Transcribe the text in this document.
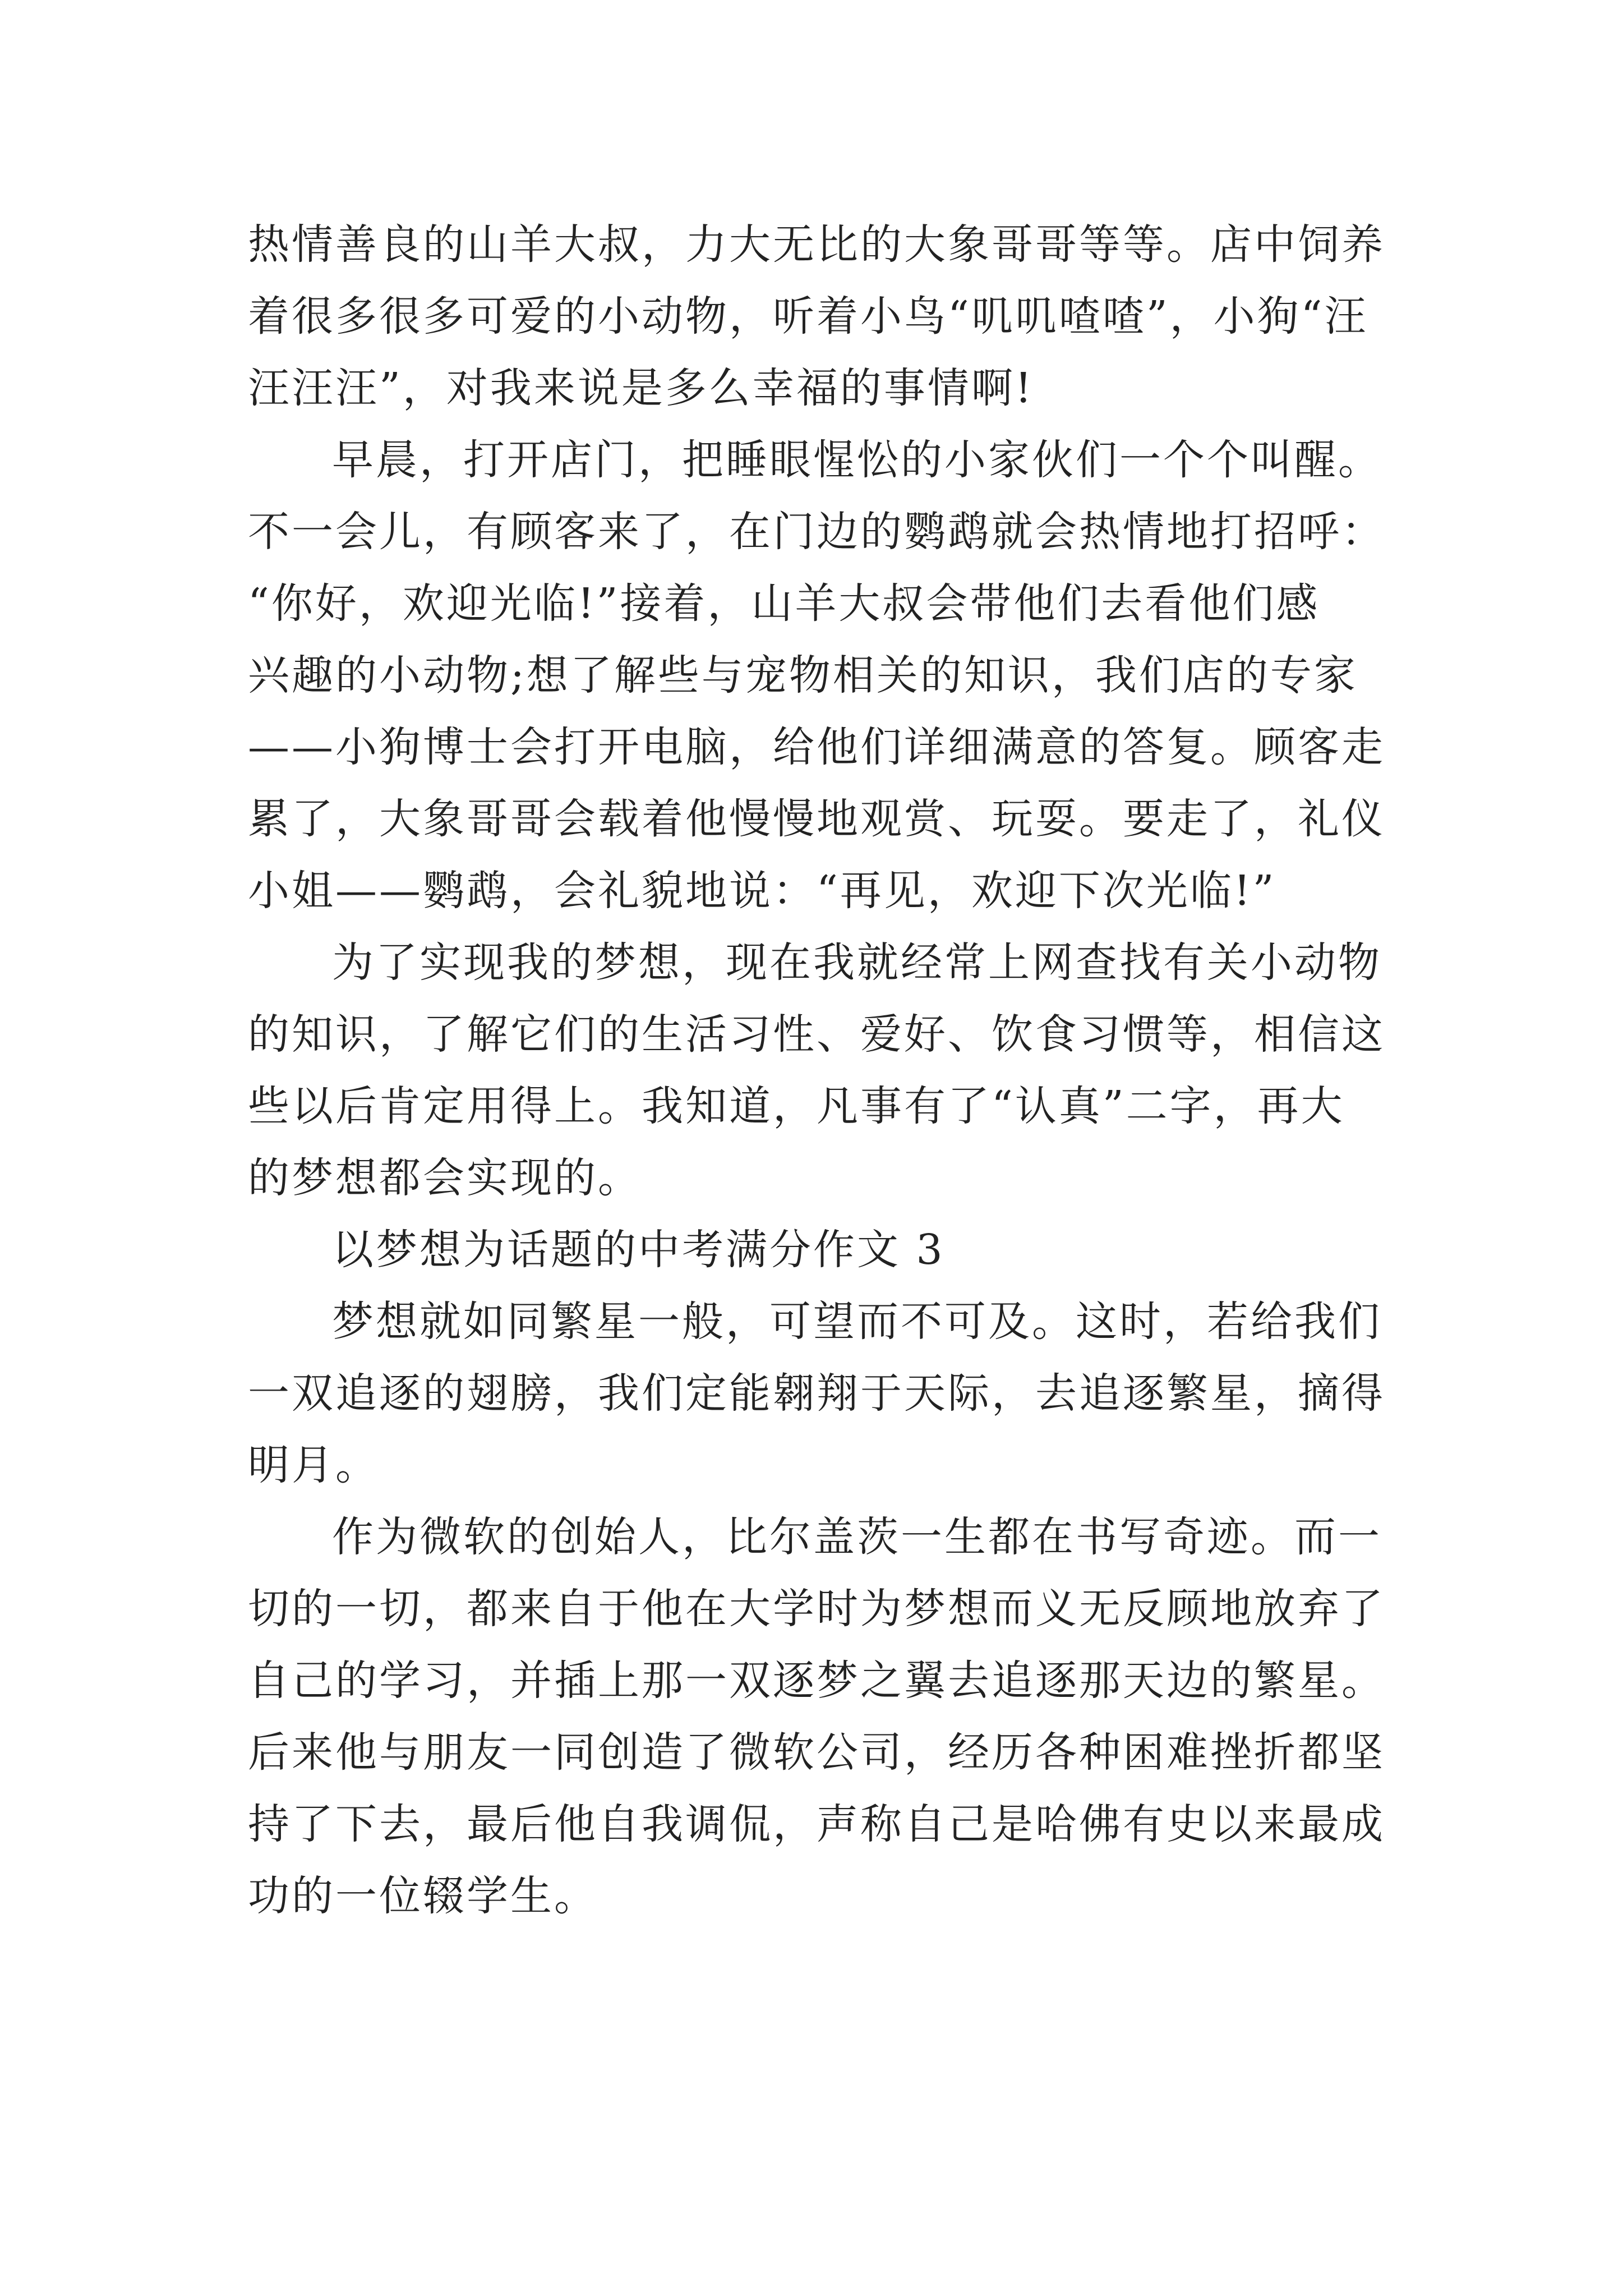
热情善良的山羊大叔，力大无比的大象哥哥等等。店中饲养
着很多很多可爱的小动物，听着小鸟“叽叽喳喳”，小狗“汪
汪汪汪”，对我来说是多么幸福的事情啊!
早晨，打开店门，把睡眼惺忪的小家伙们一个个叫醒。
不一会儿，有顾客来了，在门边的鹦鹉就会热情地打招呼：
“你好，欢迎光临!”接着，山羊大叔会带他们去看他们感
兴趣的小动物;想了解些与宠物相关的知识，我们店的专家
——小狗博士会打开电脑，给他们详细满意的答复。顾客走
累了，大象哥哥会载着他慢慢地观赏、玩耍。要走了，礼仪
小姐——鹦鹉，会礼貌地说：“再见，欢迎下次光临!”
为了实现我的梦想，现在我就经常上网查找有关小动物
的知识，了解它们的生活习性、爱好、饮食习惯等，相信这
些以后肯定用得上。我知道，凡事有了“认真”二字，再大
的梦想都会实现的。
以梦想为话题的中考满分作文 3
梦想就如同繁星一般，可望而不可及。这时，若给我们
一双追逐的翅膀，我们定能翱翔于天际，去追逐繁星，摘得
明月。
作为微软的创始人，比尔盖茨一生都在书写奇迹。而一
切的一切，都来自于他在大学时为梦想而义无反顾地放弃了
自己的学习，并插上那一双逐梦之翼去追逐那天边的繁星。
后来他与朋友一同创造了微软公司，经历各种困难挫折都坚
持了下去，最后他自我调侃，声称自己是哈佛有史以来最成
功的一位辍学生。
